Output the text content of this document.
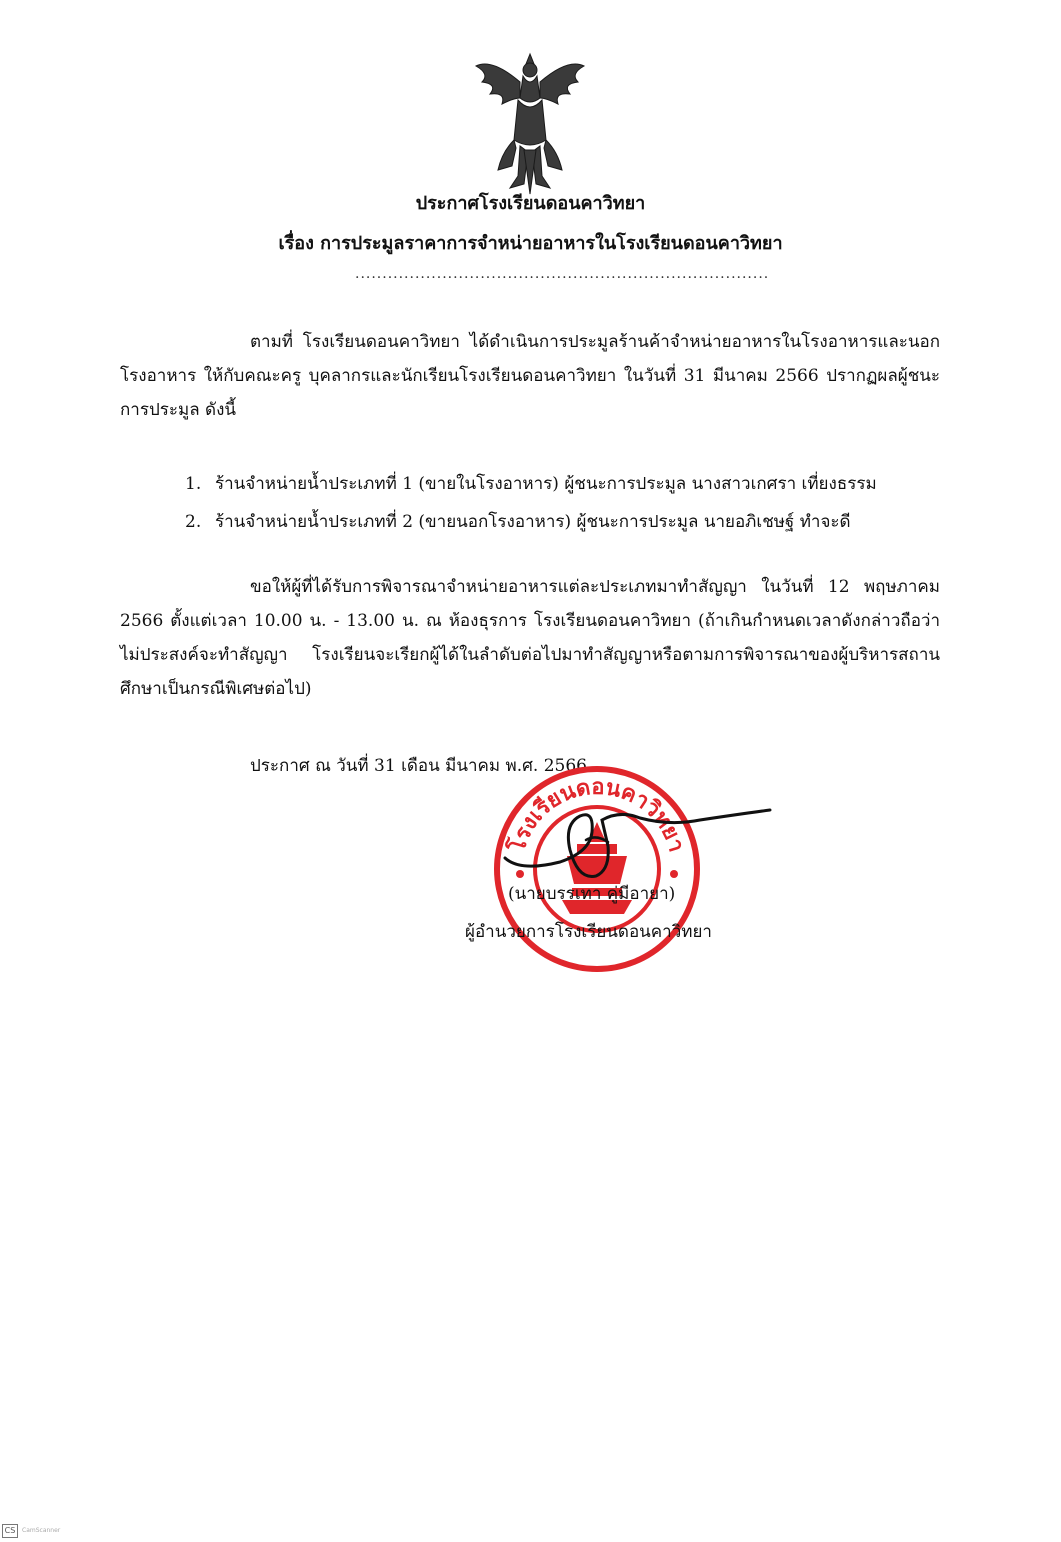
ประกาศโรงเรียนดอนคาวิทยา
เรื่อง การประมูลราคาการจำหน่ายอาหารในโรงเรียนดอนคาวิทยา
............................................................................
ตามที่ โรงเรียนดอนคาวิทยา ได้ดำเนินการประมูลร้านค้าจำหน่ายอาหารในโรงอาหารและนอกโรงอาหาร ให้กับคณะครู บุคลากรและนักเรียนโรงเรียนดอนคาวิทยา ในวันที่ 31 มีนาคม 2566 ปรากฏผลผู้ชนะการประมูล ดังนี้
1. ร้านจำหน่ายน้ำประเภทที่ 1 (ขายในโรงอาหาร) ผู้ชนะการประมูล นางสาวเกศรา เที่ยงธรรม
2. ร้านจำหน่ายน้ำประเภทที่ 2 (ขายนอกโรงอาหาร) ผู้ชนะการประมูล นายอภิเชษฐ์ ทำจะดี
ขอให้ผู้ที่ได้รับการพิจารณาจำหน่ายอาหารแต่ละประเภทมาทำสัญญา ในวันที่ 12 พฤษภาคม 2566 ตั้งแต่เวลา 10.00 น. - 13.00 น. ณ ห้องธุรการ โรงเรียนดอนคาวิทยา (ถ้าเกินกำหนดเวลาดังกล่าวถือว่าไม่ประสงค์จะทำสัญญา โรงเรียนจะเรียกผู้ได้ในลำดับต่อไปมาทำสัญญาหรือตามการพิจารณาของผู้บริหารสถานศึกษาเป็นกรณีพิเศษต่อไป)
ประกาศ ณ วันที่ 31 เดือน มีนาคม พ.ศ. 2566
โรงเรียนดอนคาวิทยา
(นายบรรเทา คู่มีอายา)
ผู้อำนวยการโรงเรียนดอนคาวิทยา
CS	CamScanner
